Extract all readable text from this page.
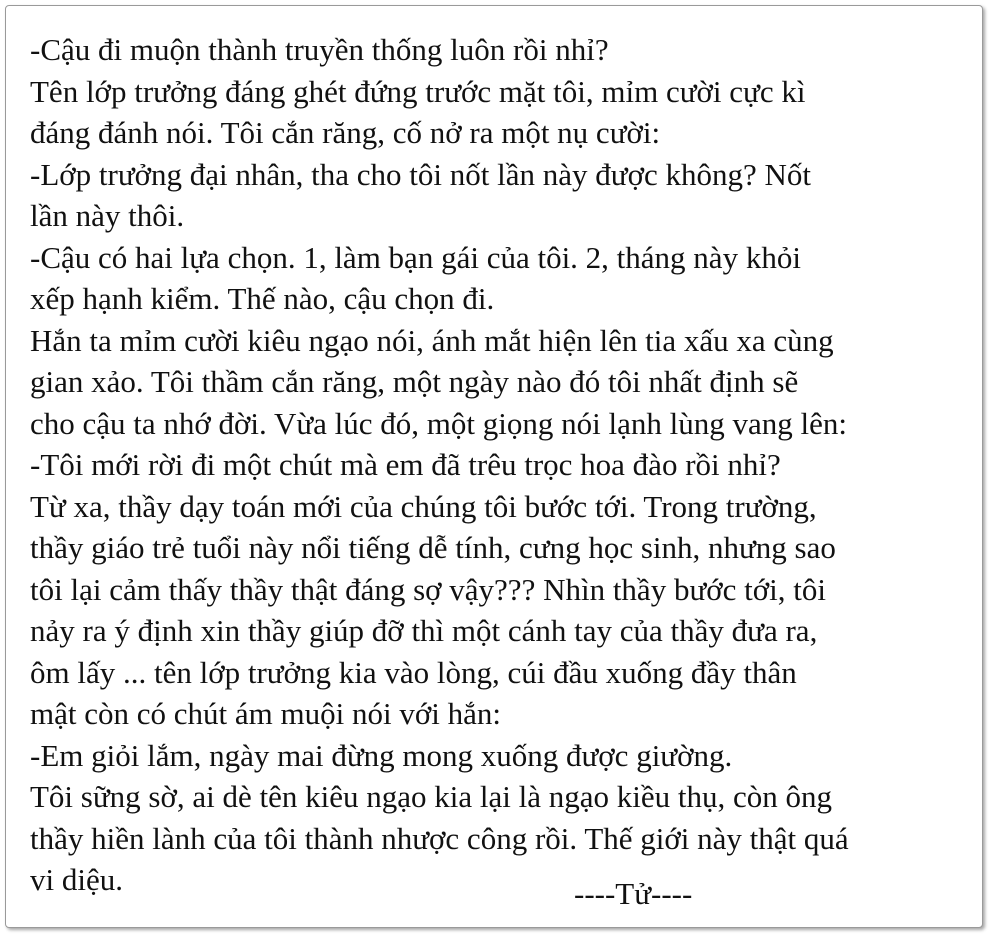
-Cậu đi muộn thành truyền thống luôn rồi nhỉ?
Tên lớp trưởng đáng ghét đứng trước mặt tôi, mỉm cười cực kì
đáng đánh nói. Tôi cắn răng, cố nở ra một nụ cười:
-Lớp trưởng đại nhân, tha cho tôi nốt lần này được không? Nốt
lần này thôi.
-Cậu có hai lựa chọn. 1, làm bạn gái của tôi. 2, tháng này khỏi
xếp hạnh kiểm. Thế nào, cậu chọn đi.
Hắn ta mỉm cười kiêu ngạo nói, ánh mắt hiện lên tia xấu xa cùng
gian xảo. Tôi thầm cắn răng, một ngày nào đó tôi nhất định sẽ
cho cậu ta nhớ đời. Vừa lúc đó, một giọng nói lạnh lùng vang lên:
-Tôi mới rời đi một chút mà em đã trêu trọc hoa đào rồi nhỉ?
Từ xa, thầy dạy toán mới của chúng tôi bước tới. Trong trường,
thầy giáo trẻ tuổi này nổi tiếng dễ tính, cưng học sinh, nhưng sao
tôi lại cảm thấy thầy thật đáng sợ vậy??? Nhìn thầy bước tới, tôi
nảy ra ý định xin thầy giúp đỡ thì một cánh tay của thầy đưa ra,
ôm lấy ... tên lớp trưởng kia vào lòng, cúi đầu xuống đầy thân
mật còn có chút ám muội nói với hắn:
-Em giỏi lắm, ngày mai đừng mong xuống được giường.
Tôi sững sờ, ai dè tên kiêu ngạo kia lại là ngạo kiều thụ, còn ông
thầy hiền lành của tôi thành nhược công rồi. Thế giới này thật quá
vi diệu.	----Tử----
